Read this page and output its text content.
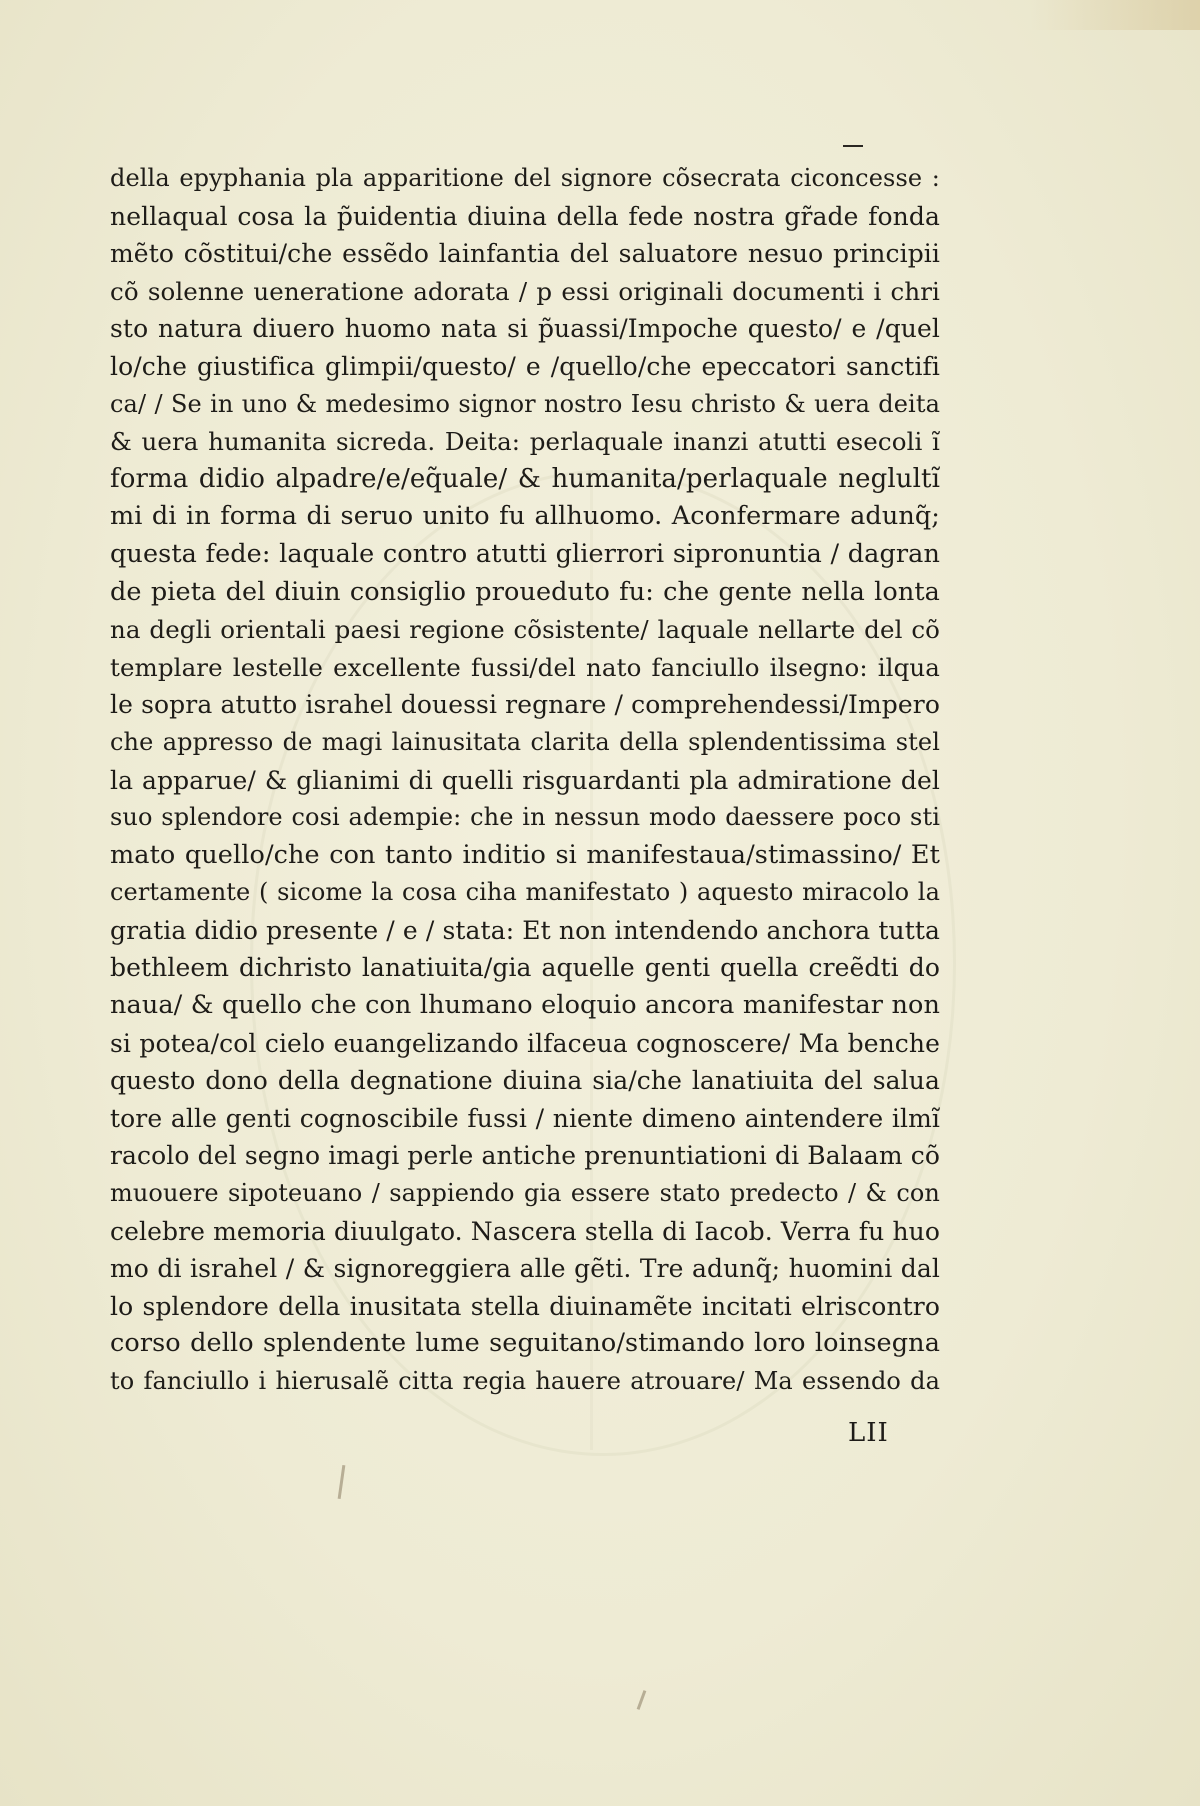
della epyphania pla apparitione del signore cõsecrata ciconcesse :
nellaqual cosa la p̃uidentia diuina della fede nostra gr̃ade fonda
mẽto cõstitui/che essẽdo lainfantia del saluatore nesuo principii
cõ solenne ueneratione adorata / p essi originali documenti i chri
sto natura diuero huomo nata si p̃uassi/Impoche questo/ e /quel
lo/che giustifica glimpii/questo/ e /quello/che epeccatori sanctifi
ca/ / Se in uno & medesimo signor nostro Iesu christo & uera deita
& uera humanita sicreda. Deita: perlaquale inanzi atutti esecoli ĩ
forma didio alpadre/e/eq̃uale/ & humanita/perlaquale neglultĩ
mi di in forma di seruo unito fu allhuomo. Aconfermare adunq̃;
questa fede: laquale contro atutti glierrori sipronuntia / dagran
de pieta del diuin consiglio proueduto fu: che gente nella lonta
na degli orientali paesi regione cõsistente/ laquale nellarte del cõ
templare lestelle excellente fussi/del nato fanciullo ilsegno: ilqua
le sopra atutto israhel douessi regnare / comprehendessi/Impero
che appresso de magi lainusitata clarita della splendentissima stel
la apparue/ & glianimi di quelli risguardanti pla admiratione del
suo splendore cosi adempie: che in nessun modo daessere poco sti
mato quello/che con tanto inditio si manifestaua/stimassino/ Et
certamente ( sicome la cosa ciha manifestato ) aquesto miracolo la
gratia didio presente / e / stata: Et non intendendo anchora tutta
bethleem dichristo lanatiuita/gia aquelle genti quella creẽdti do
naua/ & quello che con lhumano eloquio ancora manifestar non
si potea/col cielo euangelizando ilfaceua cognoscere/ Ma benche
questo dono della degnatione diuina sia/che lanatiuita del salua
tore alle genti cognoscibile fussi / niente dimeno aintendere ilmĩ
racolo del segno imagi perle antiche prenuntiationi di Balaam cõ
muouere sipoteuano / sappiendo gia essere stato predecto / & con
celebre memoria diuulgato. Nascera stella di Iacob. Verra fu huo
mo di israhel / & signoreggiera alle gẽti. Tre adunq̃; huomini dal
lo splendore della inusitata stella diuinamẽte incitati elriscontro
corso dello splendente lume seguitano/stimando loro loinsegna
to fanciullo i hierusalẽ citta regia hauere atrouare/ Ma essendo da
LII
